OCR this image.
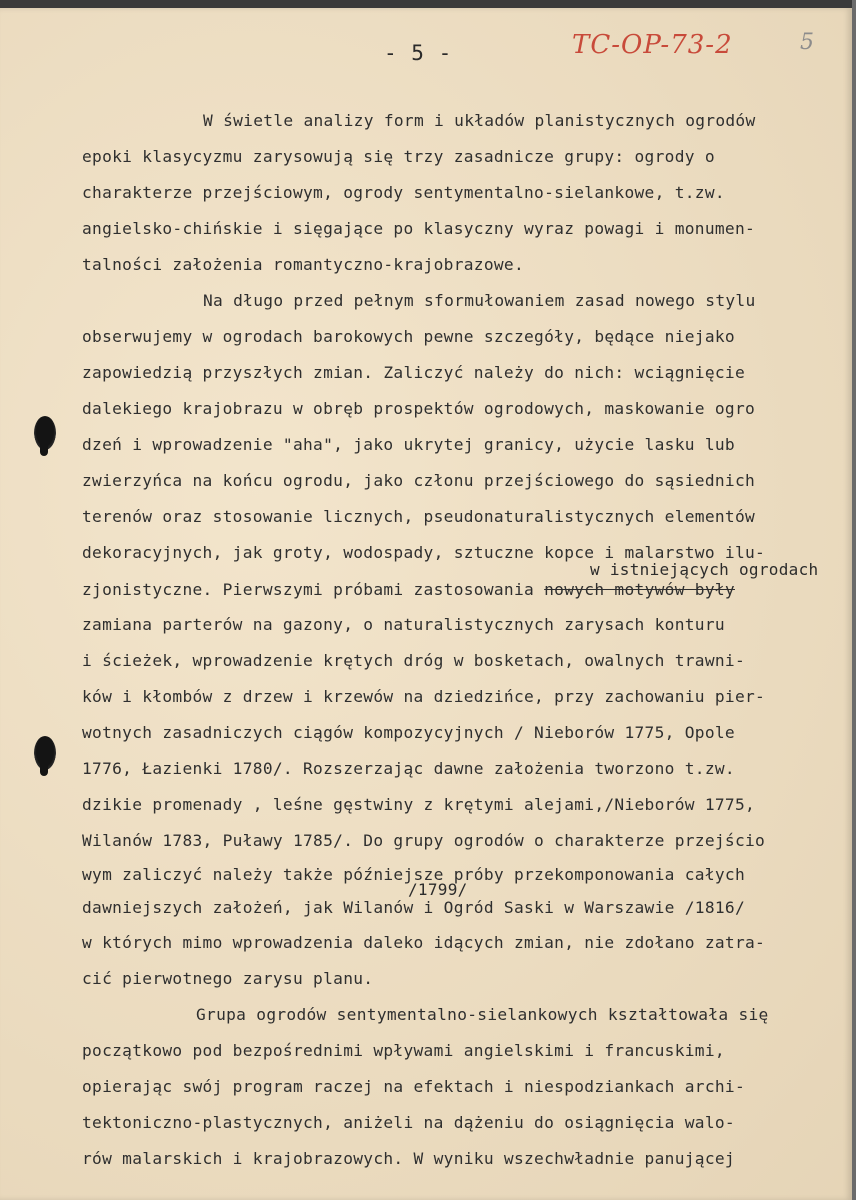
- 5 -	TC-OP-73-2	5
W świetle analizy form i układów planistycznych ogrodów
epoki klasycyzmu zarysowują się trzy zasadnicze grupy: ogrody o
charakterze przejściowym, ogrody sentymentalno-sielankowe, t.zw.
angielsko-chińskie i sięgające po klasyczny wyraz powagi i monumen-
talności założenia romantyczno-krajobrazowe.
Na długo przed pełnym sformułowaniem zasad nowego stylu
obserwujemy w ogrodach barokowych pewne szczegóły, będące niejako
zapowiedzią przyszłych zmian. Zaliczyć należy do nich: wciągnięcie
dalekiego krajobrazu w obręb prospektów ogrodowych, maskowanie ogro
dzeń i wprowadzenie "aha", jako ukrytej granicy, użycie lasku lub
zwierzyńca na końcu ogrodu, jako członu przejściowego do sąsiednich
terenów oraz stosowanie licznych, pseudonaturalistycznych elementów
dekoracyjnych, jak groty, wodospady, sztuczne kopce i malarstwo ilu-
w istniejących ogrodach
zjonistyczne. Pierwszymi próbami zastosowania nowych motywów były
zamiana parterów na gazony, o naturalistycznych zarysach konturu
i ścieżek, wprowadzenie krętych dróg w bosketach, owalnych trawni-
ków i kłombów z drzew i krzewów na dziedzińce, przy zachowaniu pier-
wotnych zasadniczych ciągów kompozycyjnych / Nieborów 1775, Opole
1776, Łazienki 1780/. Rozszerzając dawne założenia tworzono t.zw.
dzikie promenady , leśne gęstwiny z krętymi alejami,/Nieborów 1775,
Wilanów 1783, Puławy 1785/. Do grupy ogrodów o charakterze przejścio
wym zaliczyć należy także późniejsze próby przekomponowania całych
/1799/
dawniejszych założeń, jak Wilanów i Ogród Saski w Warszawie /1816/
w których mimo wprowadzenia daleko idących zmian, nie zdołano zatra-
cić pierwotnego zarysu planu.
Grupa ogrodów sentymentalno-sielankowych kształtowała się
początkowo pod bezpośrednimi wpływami angielskimi i francuskimi,
opierając swój program raczej na efektach i niespodziankach archi-
tektoniczno-plastycznych, aniżeli na dążeniu do osiągnięcia walo-
rów malarskich i krajobrazowych. W wyniku wszechwładnie panującej
